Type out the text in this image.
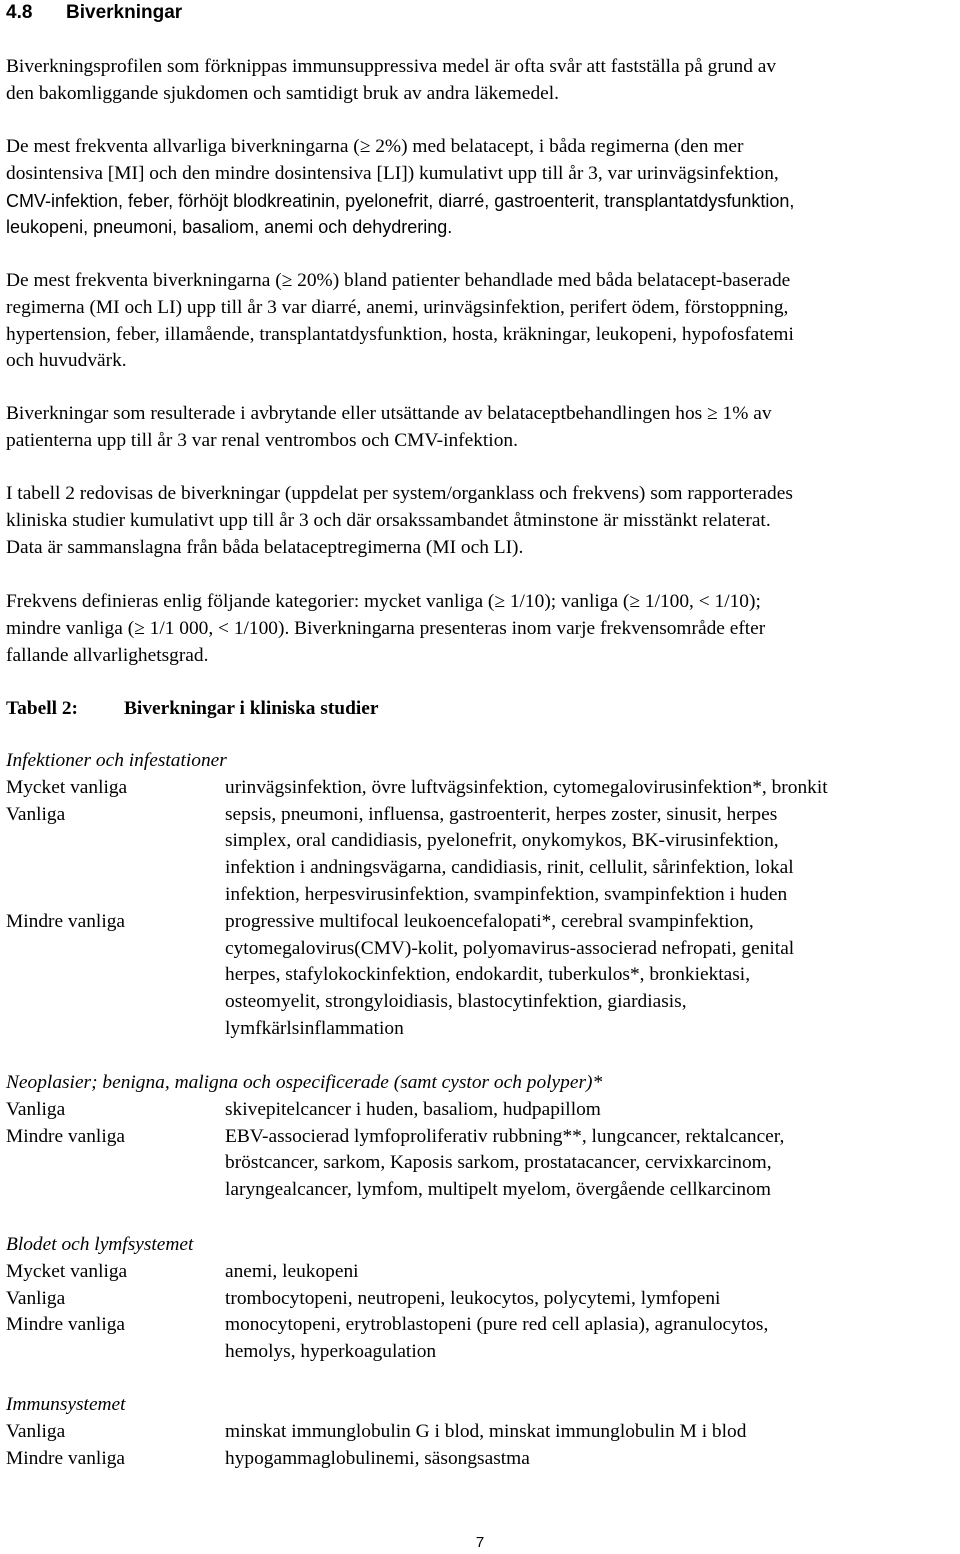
4.8 Biverkningar

Biverkningsprofilen som förknippas immunsuppressiva medel är ofta svår att fastställa på grund av
den bakomliggande sjukdomen och samtidigt bruk av andra läkemedel.

De mest frekventa allvarliga biverkningarna (≥ 2%) med belatacept, i båda regimerna (den mer
dosintensiva [MI] och den mindre dosintensiva [LI]) kumulativt upp till år 3, var urinvägsinfektion,
CMV-infektion, feber, förhöjt blodkreatinin, pyelonefrit, diarré, gastroenterit, transplantatdysfunktion,
leukopeni, pneumoni, basaliom, anemi och dehydrering.

De mest frekventa biverkningarna (≥ 20%) bland patienter behandlade med båda belatacept-baserade
regimerna (MI och LI) upp till år 3 var diarré, anemi, urinvägsinfektion, perifert ödem, förstoppning,
hypertension, feber, illamående, transplantatdysfunktion, hosta, kräkningar, leukopeni, hypofosfatemi
och huvudvärk.

Biverkningar som resulterade i avbrytande eller utsättande av belataceptbehandlingen hos ≥ 1% av
patienterna upp till år 3 var renal ventrombos och CMV-infektion.

I tabell 2 redovisas de biverkningar (uppdelat per system/organklass och frekvens) som rapporterades
kliniska studier kumulativt upp till år 3 och där orsakssambandet åtminstone är misstänkt relaterat.
Data är sammanslagna från båda belataceptregimerna (MI och LI).

Frekvens definieras enlig följande kategorier: mycket vanliga (≥ 1/10); vanliga (≥ 1/100, < 1/10);
mindre vanliga (≥ 1/1 000, < 1/100). Biverkningarna presenteras inom varje frekvensområde efter
fallande allvarlighetsgrad.

Tabell 2: Biverkningar i kliniska studier
Infektioner och infestationer
Mycket vanliga	urinvägsinfektion, övre luftvägsinfektion, cytomegalovirusinfektion*, bronkit
Vanliga	sepsis, pneumoni, influensa, gastroenterit, herpes zoster, sinusit, herpes
simplex, oral candidiasis, pyelonefrit, onykomykos, BK-virusinfektion,
infektion i andningsvägarna, candidiasis, rinit, cellulit, sårinfektion, lokal
infektion, herpesvirusinfektion, svampinfektion, svampinfektion i huden
Mindre vanliga	progressive multifocal leukoencefalopati*, cerebral svampinfektion,
cytomegalovirus(CMV)-kolit, polyomavirus-associerad nefropati, genital
herpes, stafylokockinfektion, endokardit, tuberkulos*, bronkiektasi,
osteomyelit, strongyloidiasis, blastocytinfektion, giardiasis,
lymfkärlsinflammation
Neoplasier; benigna, maligna och ospecificerade (samt cystor och polyper)*
Vanliga	skivepitelcancer i huden, basaliom, hudpapillom
Mindre vanliga	EBV-associerad lymfoproliferativ rubbning**, lungcancer, rektalcancer,
bröstcancer, sarkom, Kaposis sarkom, prostatacancer, cervixkarcinom,
laryngealcancer, lymfom, multipelt myelom, övergående cellkarcinom
Blodet och lymfsystemet
Mycket vanliga	anemi, leukopeni
Vanliga	trombocytopeni, neutropeni, leukocytos, polycytemi, lymfopeni
Mindre vanliga	monocytopeni, erytroblastopeni (pure red cell aplasia), agranulocytos,
hemolys, hyperkoagulation
Immunsystemet
Vanliga	minskat immunglobulin G i blod, minskat immunglobulin M i blod
Mindre vanliga	hypogammaglobulinemi, säsongsastma
7
